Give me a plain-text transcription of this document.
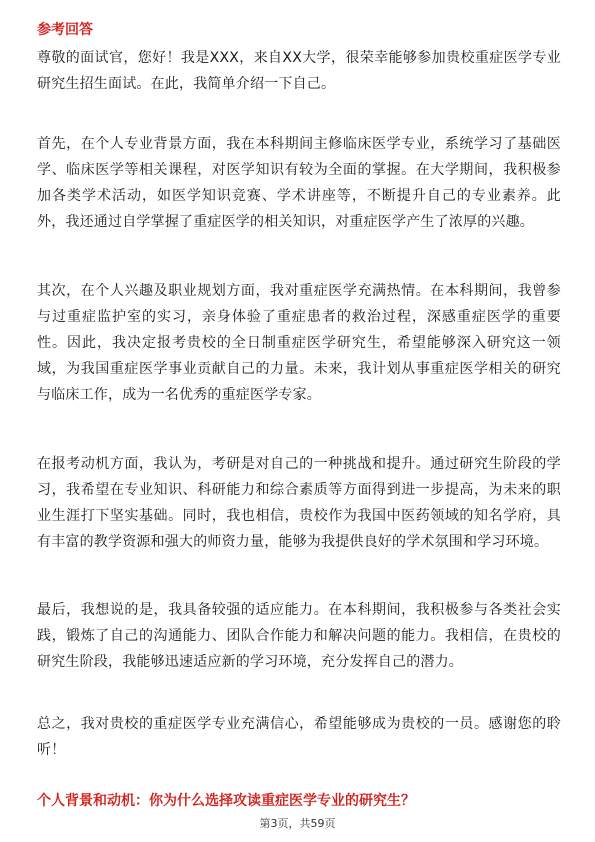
参考回答

尊敬的面试官，您好！我是XXX，来自XX大学，很荣幸能够参加贵校重症医学专业研究生招生面试。在此，我简单介绍一下自己。

首先，在个人专业背景方面，我在本科期间主修临床医学专业，系统学习了基础医学、临床医学等相关课程，对医学知识有较为全面的掌握。在大学期间，我积极参加各类学术活动，如医学知识竞赛、学术讲座等，不断提升自己的专业素养。此外，我还通过自学掌握了重症医学的相关知识，对重症医学产生了浓厚的兴趣。

其次，在个人兴趣及职业规划方面，我对重症医学充满热情。在本科期间，我曾参与过重症监护室的实习，亲身体验了重症患者的救治过程，深感重症医学的重要性。因此，我决定报考贵校的全日制重症医学研究生，希望能够深入研究这一领域，为我国重症医学事业贡献自己的力量。未来，我计划从事重症医学相关的研究与临床工作，成为一名优秀的重症医学专家。

在报考动机方面，我认为，考研是对自己的一种挑战和提升。通过研究生阶段的学习，我希望在专业知识、科研能力和综合素质等方面得到进一步提高，为未来的职业生涯打下坚实基础。同时，我也相信，贵校作为我国中医药领域的知名学府，具有丰富的教学资源和强大的师资力量，能够为我提供良好的学术氛围和学习环境。

最后，我想说的是，我具备较强的适应能力。在本科期间，我积极参与各类社会实践，锻炼了自己的沟通能力、团队合作能力和解决问题的能力。我相信，在贵校的研究生阶段，我能够迅速适应新的学习环境，充分发挥自己的潜力。

总之，我对贵校的重症医学专业充满信心，希望能够成为贵校的一员。感谢您的聆听！

个人背景和动机：你为什么选择攻读重症医学专业的研究生？
第3页，共59页
